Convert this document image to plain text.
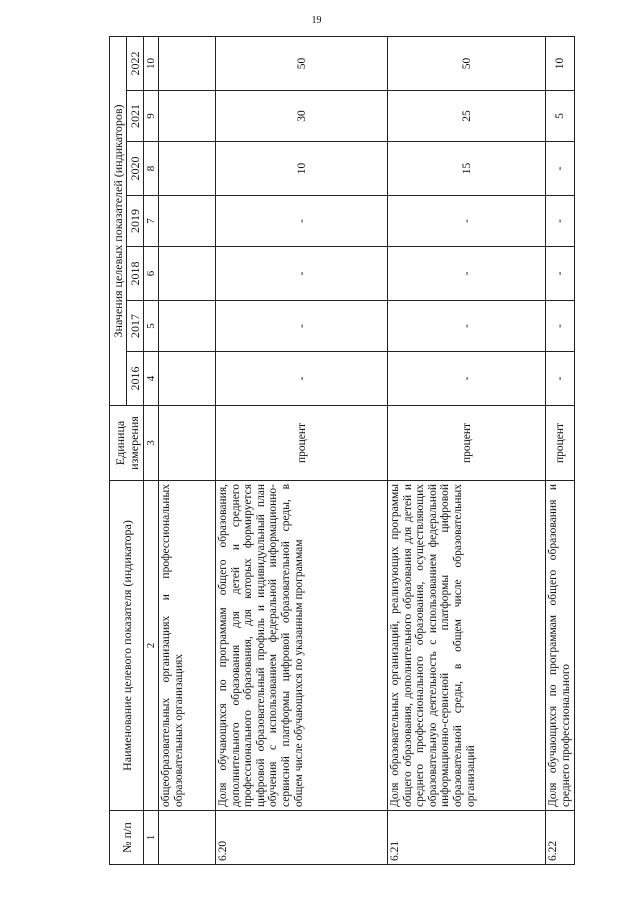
19
№ п/п	Наименование целевого показателя (индикатора)	Единица измерения	Значения целевых показателей (индикаторов)						
			2016	2017	2018	2019	2020	2021	2022
1	2	3	4	5	6	7	8	9	10
	общеобразовательных организациях и профессиональных образовательных организациях								
6.20	Доля обучающихся по программам общего образования, дополнительного образования для детей и среднего профессионального образования, для которых формируется цифровой образовательный профиль и индивидуальный план обучения с использованием федеральной информационно-сервисной платформы цифровой образовательной среды, в общем числе обучающихся по указанным программам	процент	-	-	-	-	10	30	50
6.21	Доля образовательных организаций, реализующих программы общего образования, дополнительного образования для детей и среднего профессионального образования, осуществляющих образовательную деятельность с использованием федеральной информационно-сервисной платформы цифровой образовательной среды, в общем числе образовательных организаций	процент	-	-	-	-	15	25	50
6.22	Доля обучающихся по программам общего образования и среднего профессионального	процент	-	-	-	-	-	5	10
